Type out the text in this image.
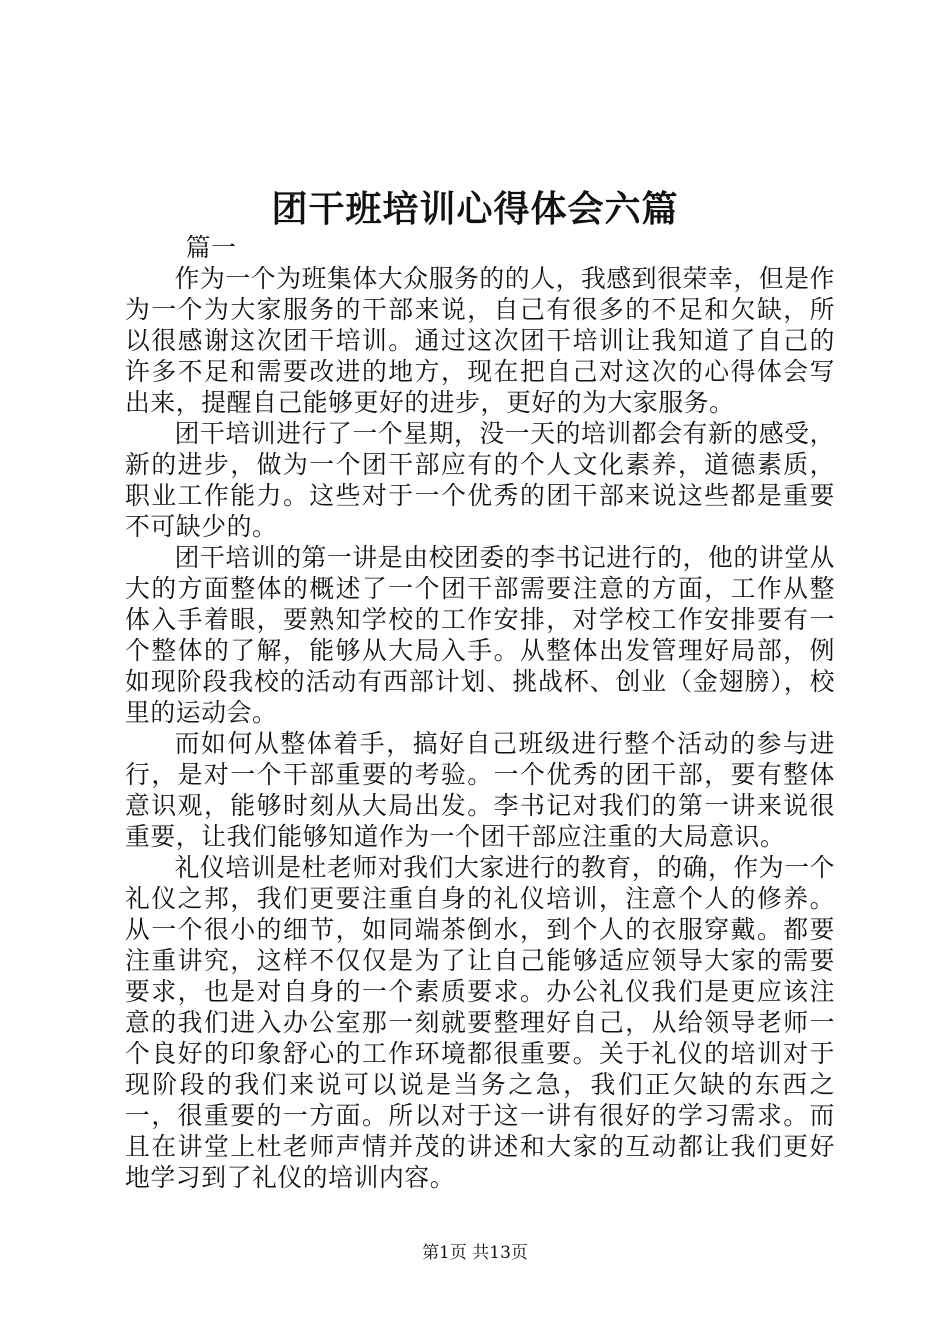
团干班培训心得体会六篇

篇一

作为一个为班集体大众服务的的人，我感到很荣幸，但是作为一个为大家服务的干部来说，自己有很多的不足和欠缺，所以很感谢这次团干培训。通过这次团干培训让我知道了自己的许多不足和需要改进的地方，现在把自己对这次的心得体会写出来，提醒自己能够更好的进步，更好的为大家服务。

团干培训进行了一个星期，没一天的培训都会有新的感受，新的进步，做为一个团干部应有的个人文化素养，道德素质，职业工作能力。这些对于一个优秀的团干部来说这些都是重要不可缺少的。

团干培训的第一讲是由校团委的李书记进行的，他的讲堂从大的方面整体的概述了一个团干部需要注意的方面，工作从整体入手着眼，要熟知学校的工作安排，对学校工作安排要有一个整体的了解，能够从大局入手。从整体出发管理好局部，例如现阶段我校的活动有西部计划、挑战杯、创业（金翅膀），校里的运动会。

而如何从整体着手，搞好自己班级进行整个活动的参与进行，是对一个干部重要的考验。一个优秀的团干部，要有整体意识观，能够时刻从大局出发。李书记对我们的第一讲来说很重要，让我们能够知道作为一个团干部应注重的大局意识。

礼仪培训是杜老师对我们大家进行的教育，的确，作为一个礼仪之邦，我们更要注重自身的礼仪培训，注意个人的修养。从一个很小的细节，如同端茶倒水，到个人的衣服穿戴。都要注重讲究，这样不仅仅是为了让自己能够适应领导大家的需要要求，也是对自身的一个素质要求。办公礼仪我们是更应该注意的我们进入办公室那一刻就要整理好自己，从给领导老师一个良好的印象舒心的工作环境都很重要。关于礼仪的培训对于现阶段的我们来说可以说是当务之急，我们正欠缺的东西之一，很重要的一方面。所以对于这一讲有很好的学习需求。而且在讲堂上杜老师声情并茂的讲述和大家的互动都让我们更好地学习到了礼仪的培训内容。

第1页 共13页
